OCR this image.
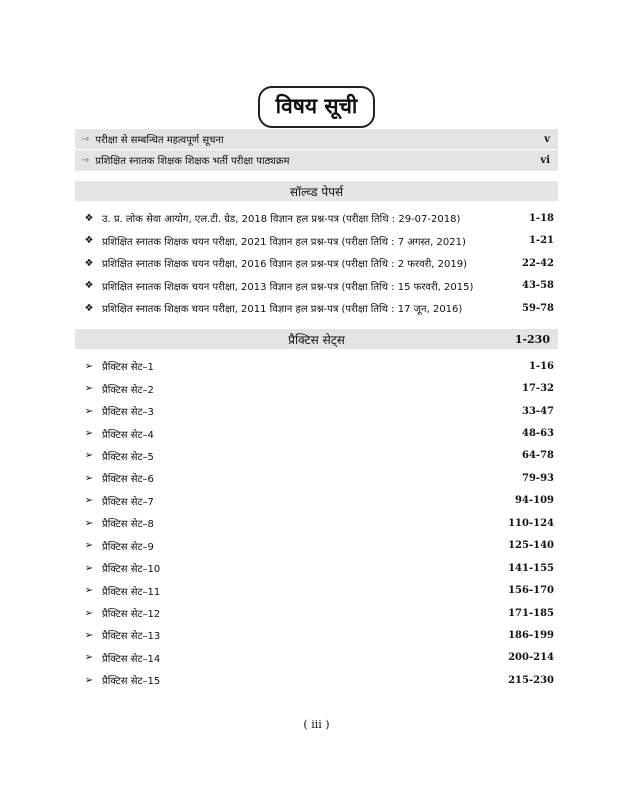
विषय सूची
→ परीक्षा से सम्बन्धित महत्वपूर्ण सूचना	v
→ प्रशिक्षित स्नातक शिक्षक शिक्षक भर्ती परीक्षा पाठ्यक्रम	vi
सॉल्व्ड पेपर्स
❖ उ. प्र. लोक सेवा आयोग, एल.टी. ग्रेड, 2018 विज्ञान हल प्रश्न-पत्र (परीक्षा तिथि : 29-07-2018)	1-18
❖ प्रशिक्षित स्नातक शिक्षक चयन परीक्षा, 2021 विज्ञान हल प्रश्न-पत्र (परीक्षा तिथि : 7 अगस्त, 2021)	1-21
❖ प्रशिक्षित स्नातक शिक्षक चयन परीक्षा, 2016 विज्ञान हल प्रश्न-पत्र (परीक्षा तिथि : 2 फरवरी, 2019)	22-42
❖ प्रशिक्षित स्नातक शिक्षक चयन परीक्षा, 2013 विज्ञान हल प्रश्न-पत्र (परीक्षा तिथि : 15 फरवरी, 2015)	43-58
❖ प्रशिक्षित स्नातक शिक्षक चयन परीक्षा, 2011 विज्ञान हल प्रश्न-पत्र (परीक्षा तिथि : 17 जून, 2016)	59-78
प्रैक्टिस सेट्स	1-230
➢ प्रैक्टिस सेट–1	1-16
➢ प्रैक्टिस सेट–2	17-32
➢ प्रैक्टिस सेट–3	33-47
➢ प्रैक्टिस सेट–4	48-63
➢ प्रैक्टिस सेट–5	64-78
➢ प्रैक्टिस सेट–6	79-93
➢ प्रैक्टिस सेट–7	94-109
➢ प्रैक्टिस सेट–8	110-124
➢ प्रैक्टिस सेट–9	125-140
➢ प्रैक्टिस सेट–10	141-155
➢ प्रैक्टिस सेट–11	156-170
➢ प्रैक्टिस सेट–12	171-185
➢ प्रैक्टिस सेट–13	186-199
➢ प्रैक्टिस सेट–14	200-214
➢ प्रैक्टिस सेट–15	215-230
( iii )
